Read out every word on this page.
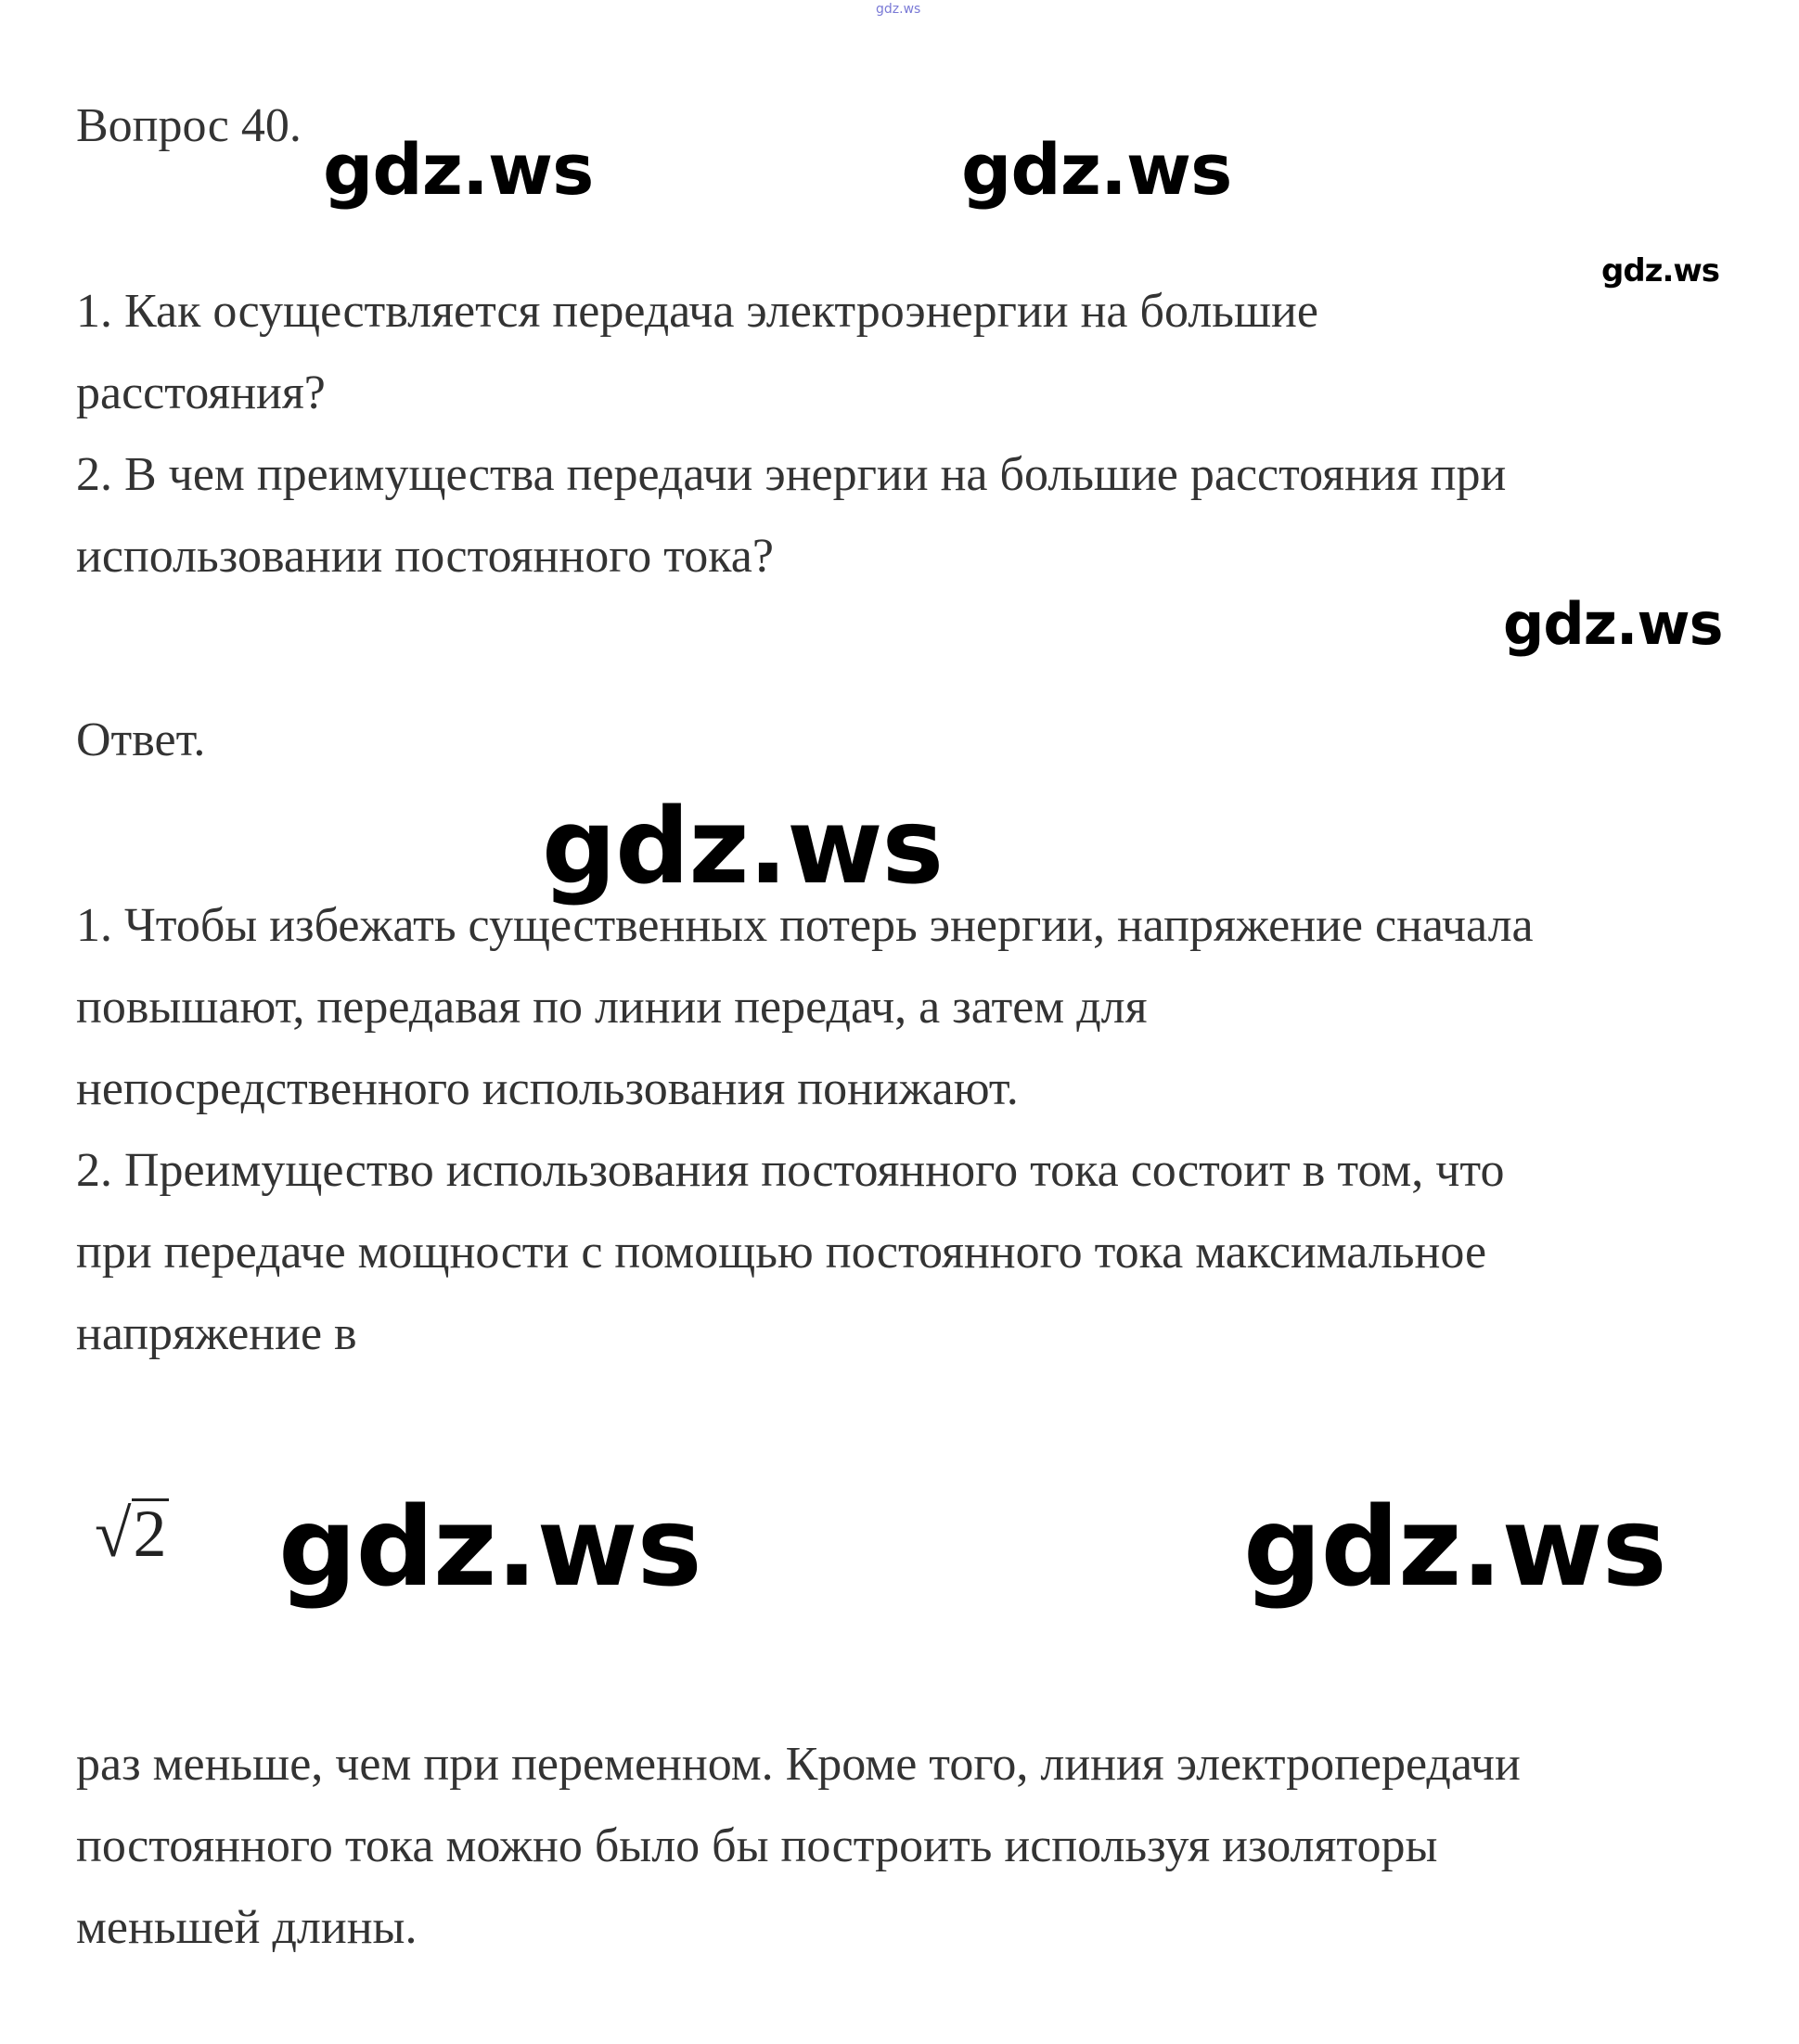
gdz.ws
Вопрос 40.
gdz.ws	gdz.ws
gdz.ws
1. Как осуществляется передача электроэнергии на большие
расстояния?
2. В чем преимущества передачи энергии на большие расстояния при
использовании постоянного тока?
gdz.ws
Ответ.
gdz.ws
1. Чтобы избежать существенных потерь энергии, напряжение сначала
повышают, передавая по линии передач, а затем для
непосредственного использования понижают.
2. Преимущество использования постоянного тока состоит в том, что
при передаче мощности с помощью постоянного тока максимальное
напряжение в
√2 gdz.ws	gdz.ws
раз меньше, чем при переменном. Кроме того, линия электропередачи
постоянного тока можно было бы построить используя изоляторы
меньшей длины.
